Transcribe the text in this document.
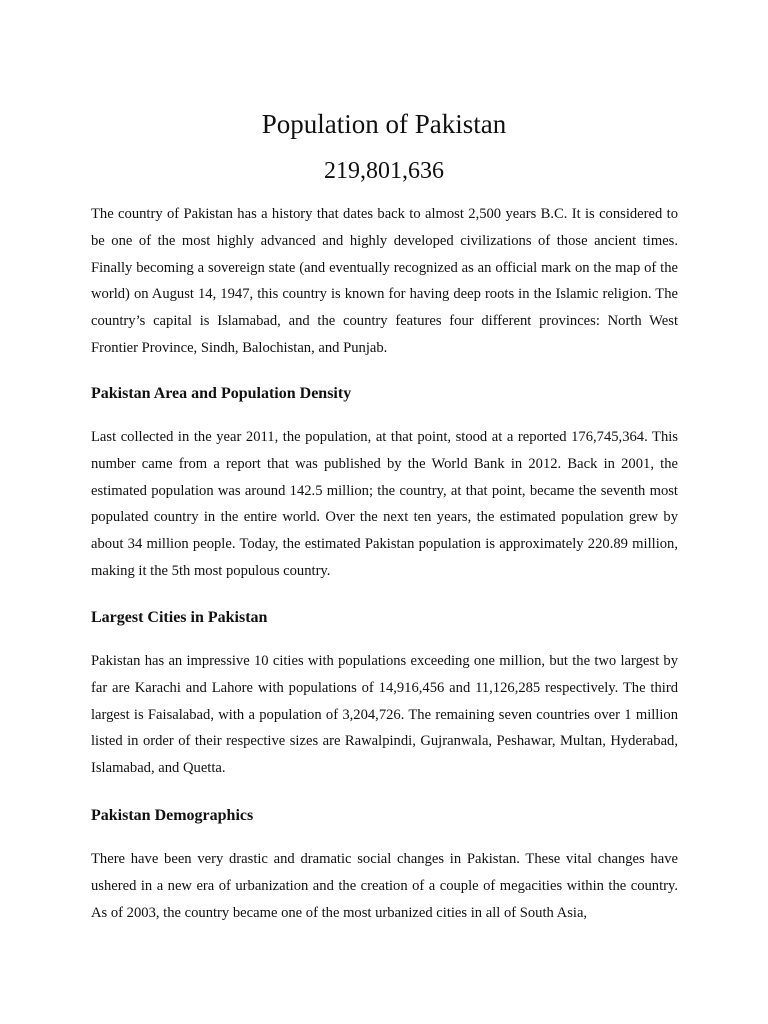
Population of Pakistan
219,801,636

The country of Pakistan has a history that dates back to almost 2,500 years B.C. It is considered to be one of the most highly advanced and highly developed civilizations of those ancient times. Finally becoming a sovereign state (and eventually recognized as an official mark on the map of the world) on August 14, 1947, this country is known for having deep roots in the Islamic religion. The country’s capital is Islamabad, and the country features four different provinces: North West Frontier Province, Sindh, Balochistan, and Punjab.

Pakistan Area and Population Density

Last collected in the year 2011, the population, at that point, stood at a reported 176,745,364. This number came from a report that was published by the World Bank in 2012. Back in 2001, the estimated population was around 142.5 million; the country, at that point, became the seventh most populated country in the entire world. Over the next ten years, the estimated population grew by about 34 million people. Today, the estimated Pakistan population is approximately 220.89 million, making it the 5th most populous country.

Largest Cities in Pakistan

Pakistan has an impressive 10 cities with populations exceeding one million, but the two largest by far are Karachi and Lahore with populations of 14,916,456 and 11,126,285 respectively. The third largest is Faisalabad, with a population of 3,204,726. The remaining seven countries over 1 million listed in order of their respective sizes are Rawalpindi, Gujranwala, Peshawar, Multan, Hyderabad, Islamabad, and Quetta.

Pakistan Demographics

There have been very drastic and dramatic social changes in Pakistan. These vital changes have ushered in a new era of urbanization and the creation of a couple of megacities within the country. As of 2003, the country became one of the most urbanized cities in all of South Asia,
